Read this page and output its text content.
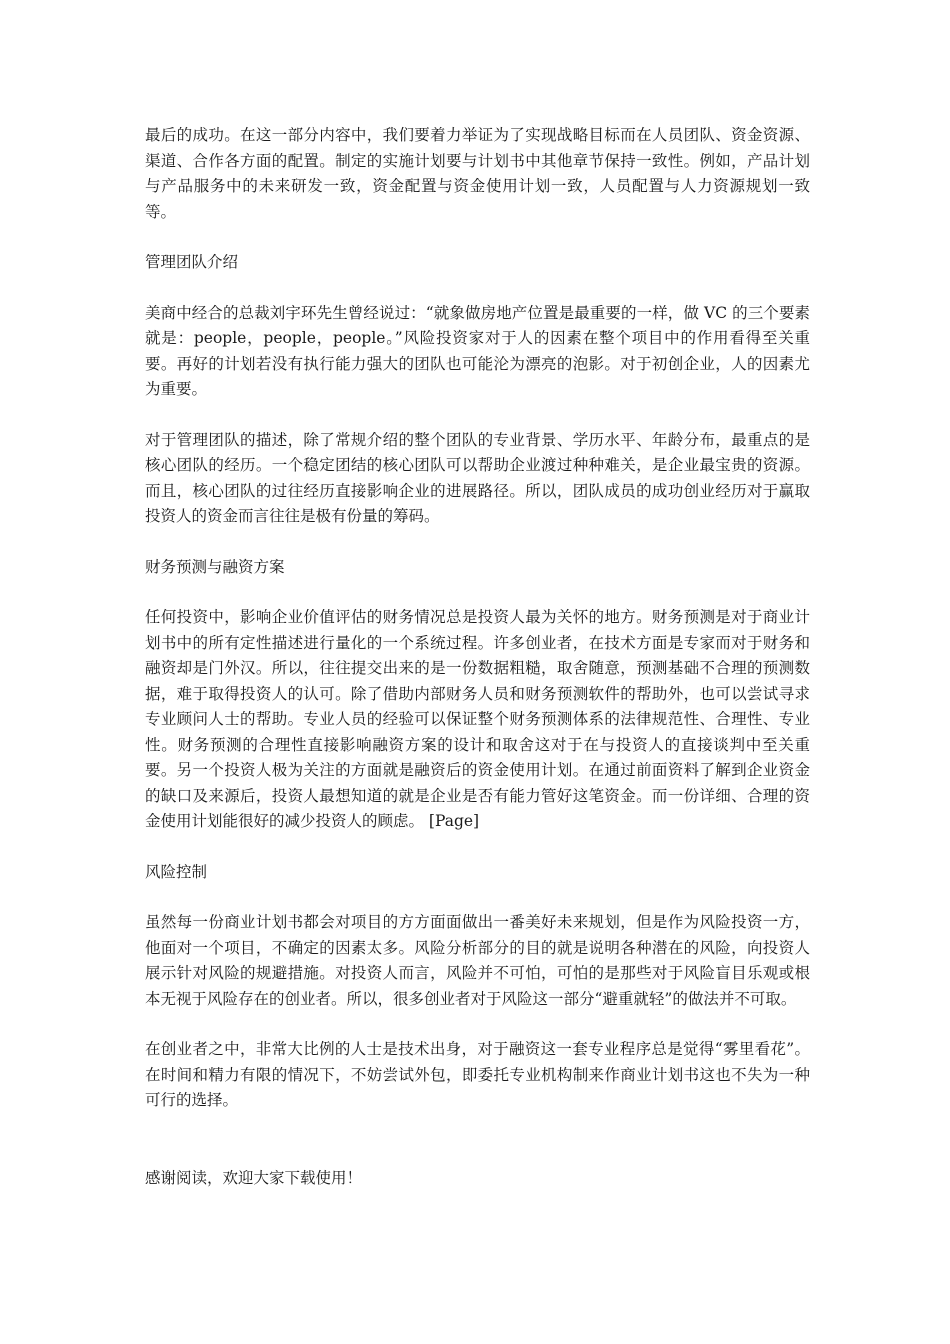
最后的成功。在这一部分内容中，我们要着力举证为了实现战略目标而在人员团队、资金资源、渠道、合作各方面的配置。制定的实施计划要与计划书中其他章节保持一致性。例如，产品计划与产品服务中的未来研发一致，资金配置与资金使用计划一致，人员配置与人力资源规划一致等。

管理团队介绍

美商中经合的总裁刘宇环先生曾经说过：“就象做房地产位置是最重要的一样，做 VC 的三个要素就是：people，people，people。”风险投资家对于人的因素在整个项目中的作用看得至关重要。再好的计划若没有执行能力强大的团队也可能沦为漂亮的泡影。对于初创企业，人的因素尤为重要。

对于管理团队的描述，除了常规介绍的整个团队的专业背景、学历水平、年龄分布，最重点的是核心团队的经历。一个稳定团结的核心团队可以帮助企业渡过种种难关，是企业最宝贵的资源。而且，核心团队的过往经历直接影响企业的进展路径。所以，团队成员的成功创业经历对于赢取投资人的资金而言往往是极有份量的筹码。

财务预测与融资方案

任何投资中，影响企业价值评估的财务情况总是投资人最为关怀的地方。财务预测是对于商业计划书中的所有定性描述进行量化的一个系统过程。许多创业者，在技术方面是专家而对于财务和融资却是门外汉。所以，往往提交出来的是一份数据粗糙，取舍随意，预测基础不合理的预测数据，难于取得投资人的认可。除了借助内部财务人员和财务预测软件的帮助外，也可以尝试寻求专业顾问人士的帮助。专业人员的经验可以保证整个财务预测体系的法律规范性、合理性、专业性。财务预测的合理性直接影响融资方案的设计和取舍这对于在与投资人的直接谈判中至关重要。另一个投资人极为关注的方面就是融资后的资金使用计划。在通过前面资料了解到企业资金的缺口及来源后，投资人最想知道的就是企业是否有能力管好这笔资金。而一份详细、合理的资金使用计划能很好的减少投资人的顾虑。 [Page]

风险控制

虽然每一份商业计划书都会对项目的方方面面做出一番美好未来规划，但是作为风险投资一方，他面对一个项目，不确定的因素太多。风险分析部分的目的就是说明各种潜在的风险，向投资人展示针对风险的规避措施。对投资人而言，风险并不可怕，可怕的是那些对于风险盲目乐观或根本无视于风险存在的创业者。所以，很多创业者对于风险这一部分“避重就轻”的做法并不可取。

在创业者之中，非常大比例的人士是技术出身，对于融资这一套专业程序总是觉得“雾里看花”。在时间和精力有限的情况下，不妨尝试外包，即委托专业机构制来作商业计划书这也不失为一种可行的选择。

感谢阅读，欢迎大家下载使用！
